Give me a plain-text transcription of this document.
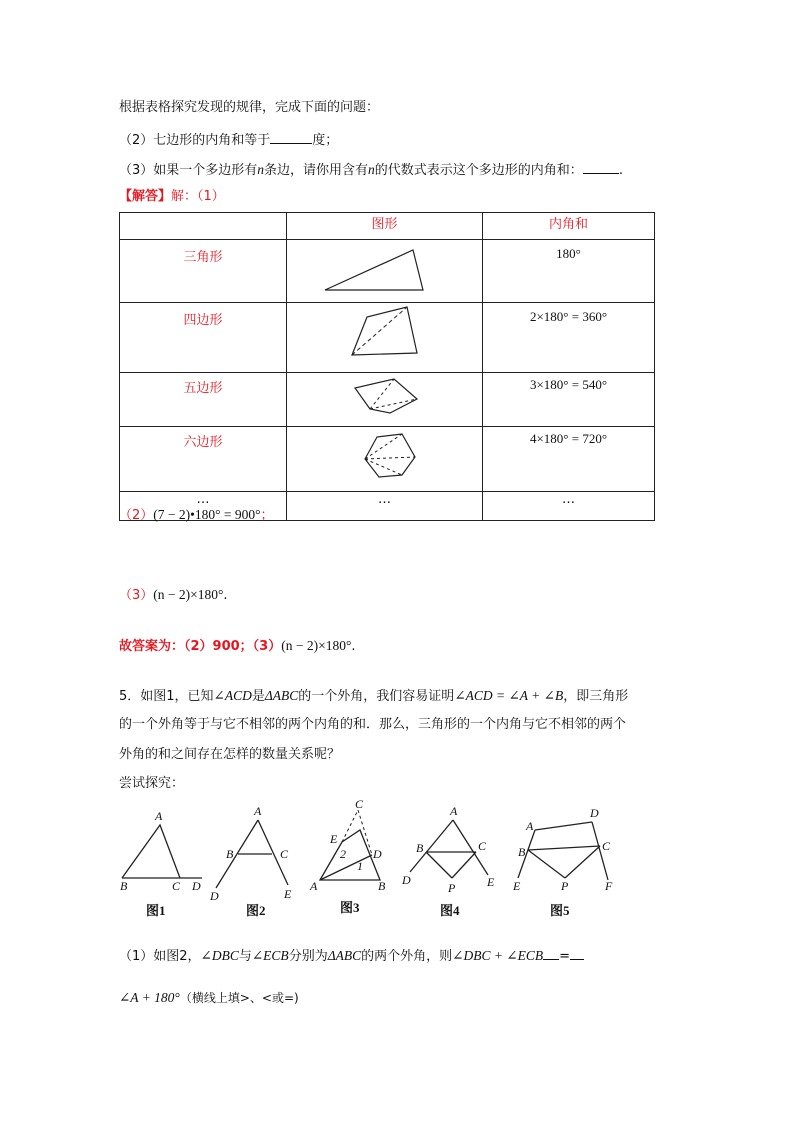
根据表格探究发现的规律，完成下面的问题：
（2）七边形的内角和等于	度；
（3）如果一个多边形有n条边，请你用含有n的代数式表示这个多边形的内角和：	.
【解答】解：（1）
	图形	内角和
三角形		180°
四边形		2×180° = 360°
五边形		3×180° = 540°
六边形		4×180° = 720°
…	…	…
（2）(7 − 2)•180° = 900°；
（3）(n − 2)×180°.
故答案为：（2）900；（3）(n − 2)×180°.
5．如图1，已知∠ACD是ΔABC的一个外角，我们容易证明∠ACD = ∠A + ∠B，即三角形
的一个外角等于与它不相邻的两个内角的和．那么，三角形的一个内角与它不相邻的两个
外角的和之间存在怎样的数量关系呢？
尝试探究：
A
B	C D
图1
A
B	C
D	E
图2
C
E
2 D
1
A	B
图3
A
B	C
D
P	E
图4
A
D
B	C
E	P	F
图5
（1）如图2，∠DBC与∠ECB分别为ΔABC的两个外角，则∠DBC + ∠ECB =
∠A + 180°（横线上填>、<或=)
